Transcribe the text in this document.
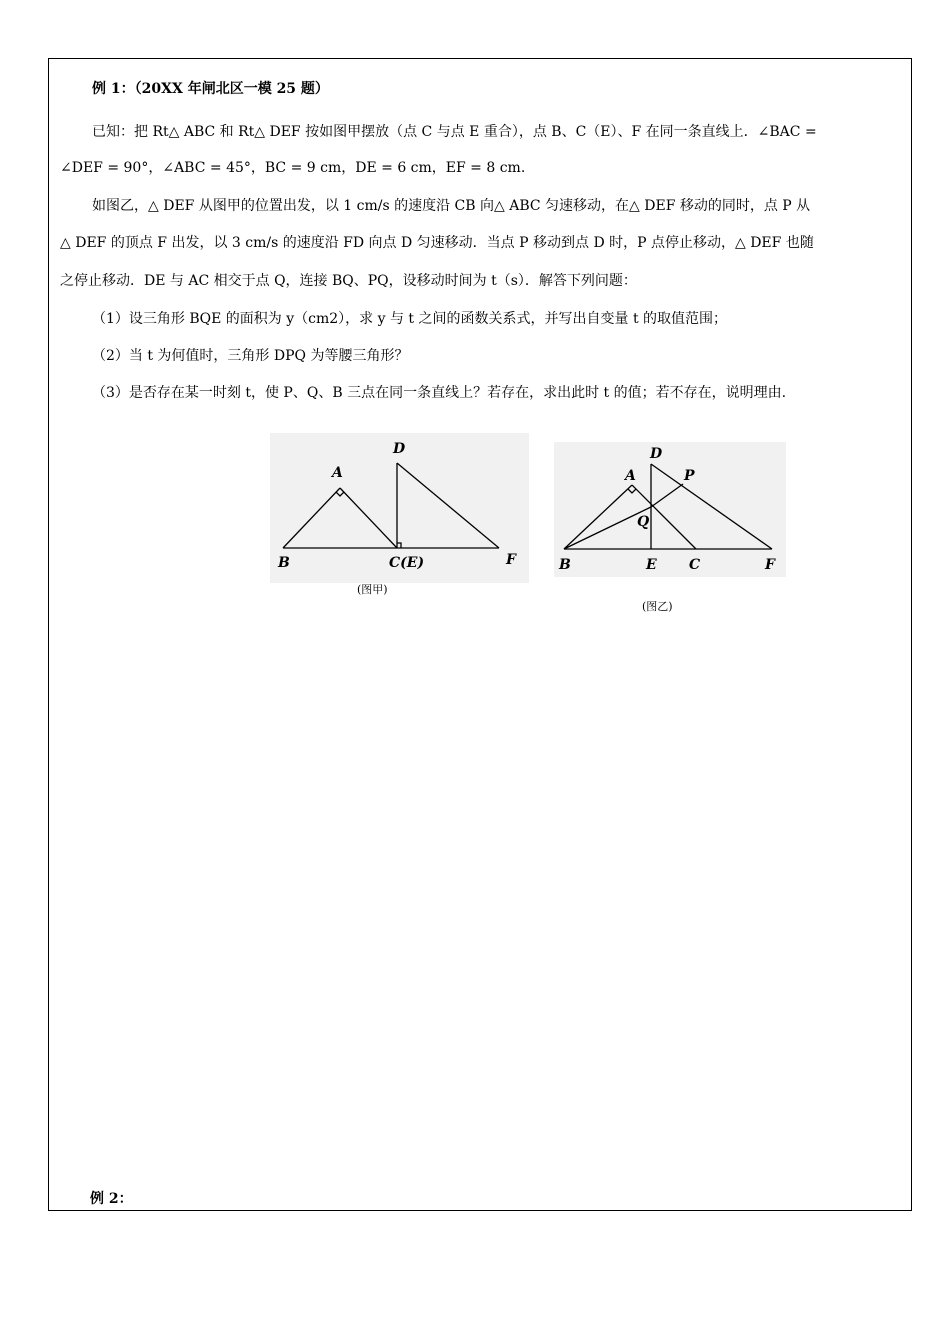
例 1：（20XX 年闸北区一模 25 题）
已知：把 Rt△ ABC 和 Rt△ DEF 按如图甲摆放（点 C 与点 E 重合），点 B、C（E）、F 在同一条直线上．∠BAC =
∠DEF = 90°，∠ABC = 45°，BC = 9 cm，DE = 6 cm，EF = 8 cm.
如图乙，△ DEF 从图甲的位置出发，以 1 cm/s 的速度沿 CB 向△ ABC 匀速移动，在△ DEF 移动的同时，点 P 从
△ DEF 的顶点 F 出发，以 3 cm/s 的速度沿 FD 向点 D 匀速移动．当点 P 移动到点 D 时，P 点停止移动，△ DEF 也随
之停止移动．DE 与 AC 相交于点 Q，连接 BQ、PQ，设移动时间为 t（s）．解答下列问题：
（1）设三角形 BQE 的面积为 y（cm2），求 y 与 t 之间的函数关系式，并写出自变量 t 的取值范围；
（2）当 t 为何值时，三角形 DPQ 为等腰三角形？
（3）是否存在某一时刻 t，使 P、Q、B 三点在同一条直线上？若存在，求出此时 t 的值；若不存在，说明理由.
A
B	C(E)
D
F
(图甲)
A
B	C
D
E	F
P
Q
(图乙)
例 2：
